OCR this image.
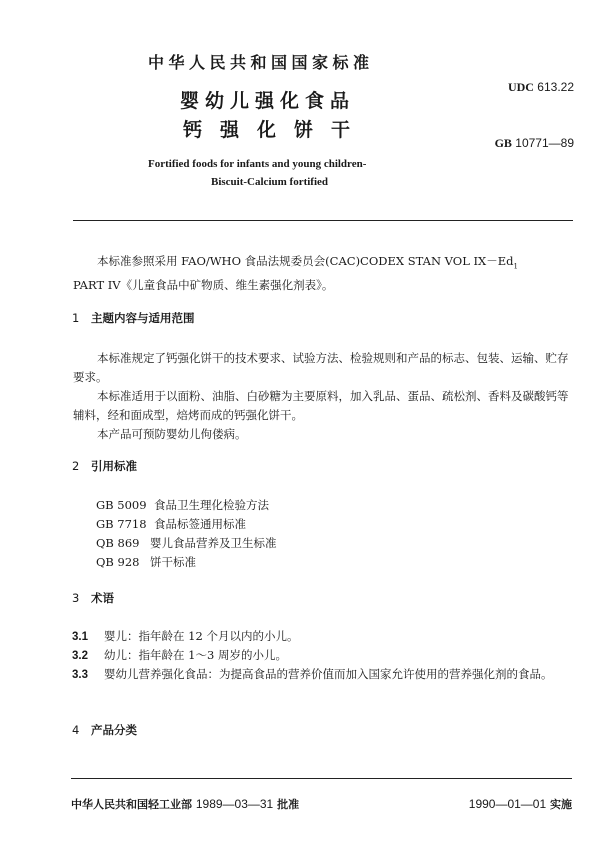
中华人民共和国国家标准
婴幼儿强化食品
钙强化饼干
UDC 613.22
GB 10771—89
Fortified foods for infants and young children-
Biscuit-Calcium fortified
本标准参照采用 FAO/WHO 食品法规委员会(CAC)CODEX STAN VOL $IX-Ed_1$
PART IV《儿童食品中矿物质、维生素强化剂表》。
1 主题内容与适用范围
本标准规定了钙强化饼干的技术要求、试验方法、检验规则和产品的标志、包装、运输、贮存要求。
本标准适用于以面粉、油脂、白砂糖为主要原料，加入乳品、蛋品、疏松剂、香料及碳酸钙等辅料，经和面成型，焙烤而成的钙强化饼干。
本产品可预防婴幼儿佝偻病。
2 引用标准
GB 5009 食品卫生理化检验方法
GB 7718 食品标签通用标准
QB 869 婴儿食品营养及卫生标准
QB 928 饼干标准
3 术语
3.1 婴儿：指年龄在 12 个月以内的小儿。
3.2 幼儿：指年龄在 1～3 周岁的小儿。
3.3 婴幼儿营养强化食品：为提高食品的营养价值而加入国家允许使用的营养强化剂的食品。
4 产品分类
中华人民共和国轻工业部 1989—03—31 批准	1990—01—01 实施
